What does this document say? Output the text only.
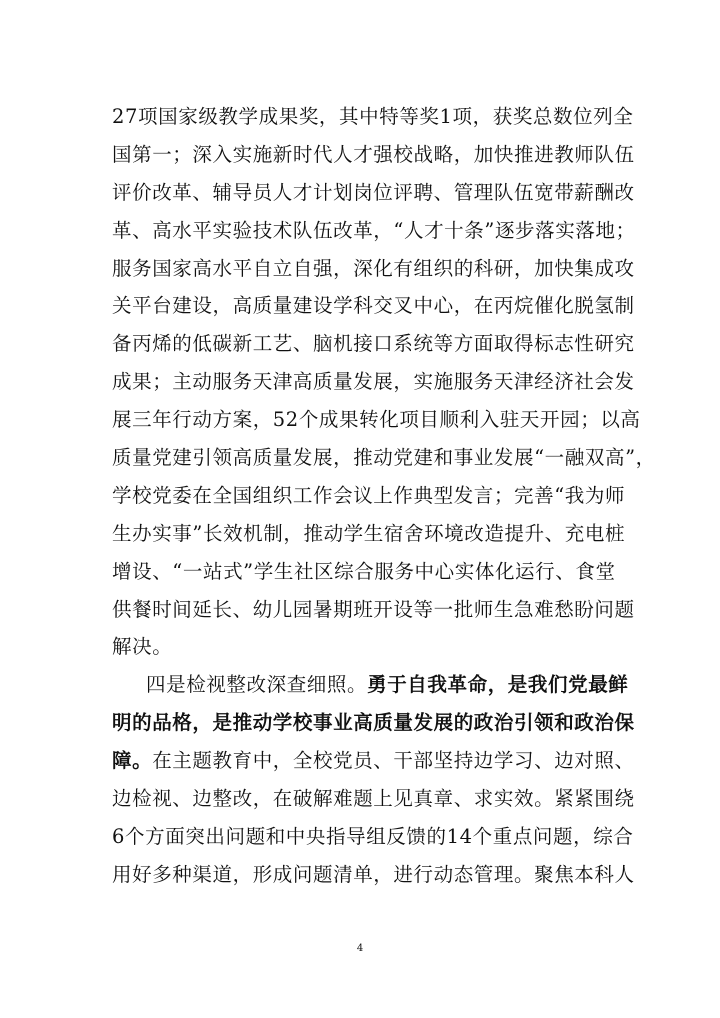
27项国家级教学成果奖，其中特等奖1项，获奖总数位列全
国第一；深入实施新时代人才强校战略，加快推进教师队伍
评价改革、辅导员人才计划岗位评聘、管理队伍宽带薪酬改
革、高水平实验技术队伍改革，“人才十条”逐步落实落地；
服务国家高水平自立自强，深化有组织的科研，加快集成攻
关平台建设，高质量建设学科交叉中心，在丙烷催化脱氢制
备丙烯的低碳新工艺、脑机接口系统等方面取得标志性研究
成果；主动服务天津高质量发展，实施服务天津经济社会发
展三年行动方案，52个成果转化项目顺利入驻天开园；以高
质量党建引领高质量发展，推动党建和事业发展“一融双高”，
学校党委在全国组织工作会议上作典型发言；完善“我为师
生办实事”长效机制，推动学生宿舍环境改造提升、充电桩
增设、“一站式”学生社区综合服务中心实体化运行、食堂
供餐时间延长、幼儿园暑期班开设等一批师生急难愁盼问题
解决。
四是检视整改深查细照。勇于自我革命，是我们党最鲜
明的品格，是推动学校事业高质量发展的政治引领和政治保
障。在主题教育中，全校党员、干部坚持边学习、边对照、
边检视、边整改，在破解难题上见真章、求实效。紧紧围绕
6个方面突出问题和中央指导组反馈的14个重点问题，综合
用好多种渠道，形成问题清单，进行动态管理。聚焦本科人
4
